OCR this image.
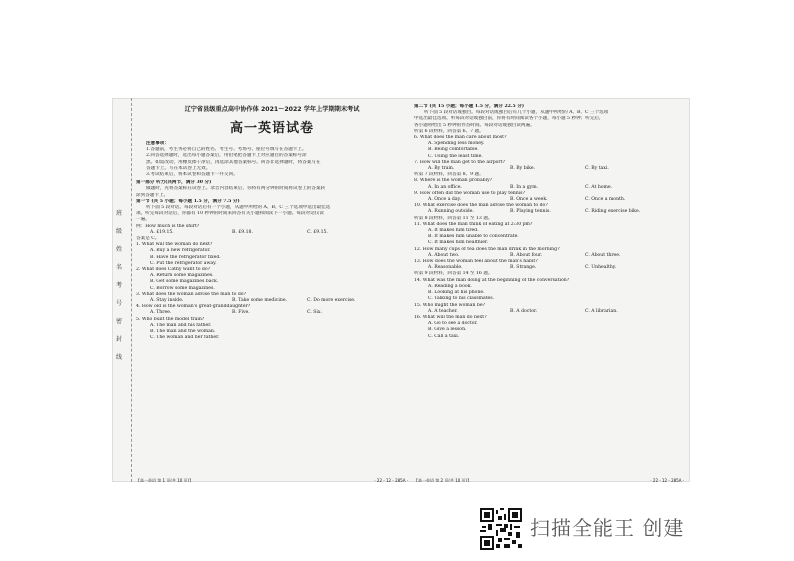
班
级
姓
名
考
号
密
封
线
辽宁省县级重点高中协作体 2021～2022 学年上学期期末考试
高一英语试卷
注意事项：
1.答题前，考生务必将自己的姓名、考生号、考场号、座位号填写在答题卡上。
2.回答选择题时，选出每小题答案后，用铅笔把答题卡上对应题目的答案标号涂
黑。如需改动，用橡皮擦干净后，再选涂其他答案标号。回答非选择题时，将答案写在
答题卡上。写在本试卷上无效。
3.考试结束后，将本试卷和答题卡一并交回。
第一部分 听力(共两节，满分 30 分)
做题时，先将答案标在试卷上。录音内容结束后，你将有两分钟的时间将试卷上的答案转
涂到答题卡上。
第一节 (共 5 小题；每小题 1.5 分，满分 7.5 分)
听下面 5 段对话。每段对话后有一个小题，从题中所给的 A、B、C 三个选项中选出最佳选
项。听完每段对话后，你都有 10 秒钟的时间来回答有关小题和阅读下一小题。每段对话仅读
一遍。
例：How much is the shirt?
A. £19.15.	B. £9.18.	C. £9.15.
答案是 C。
1. What will the woman do next?
A. Buy a new refrigerator.
B. Have the refrigerator fixed.
C. Put the refrigerator away.
2. What does Cathy want to do?
A. Return some magazines.
B. Get some magazines back.
C. Borrow some magazines.
3. What does the woman advise the man to do?
A. Stay inside.	B. Take some medicine.	C. Do more exercise.
4. How old is the woman's great-granddaughter?
A. Three.	B. Five.	C. Six.
5. Who built the model train?
A. The man and his father.
B. The man and the woman.
C. The woman and her father.
第二节 (共 15 小题；每小题 1.5 分，满分 22.5 分)
听下面 5 段对话或独白。每段对话或独白后有几个小题，从题中所给的 A、B、C 三个选项
中选出最佳选项。听每段对话或独白前，你将有时间阅读各个小题，每小题 5 秒钟；听完后，
各小题将给出 5 秒钟的作答时间。每段对话或独白读两遍。
听第 6 段材料，回答第 6、7 题。
6. What does the man care about most?
A. Spending less money.
B. Being comfortable.
C. Using the least time.
7. How will the man get to the airport?
A. By train.	B. By bike.	C. By taxi.
听第 7 段材料，回答第 8、9 题。
8. Where is the woman probably?
A. In an office.	B. In a gym.	C. At home.
9. How often did the woman use to play tennis?
A. Once a day.	B. Once a week.	C. Once a month.
10. What exercise does the man advise the woman to do?
A. Running outside.	B. Playing tennis.	C. Riding exercise bike.
听第 8 段材料，回答第 11 至 13 题。
11. What does the man think of eating at 2:30 pm?
A. It makes him tired.
B. It makes him unable to concentrate.
C. It makes him healthier.
12. How many cups of tea does the man drink in the morning?
A. About two.	B. About four.	C. About three.
13. How does the woman feel about the man's habit?
A. Reasonable.	B. Strange.	C. Unhealthy.
听第 9 段材料，回答第 14 至 16 题。
14. What was the man doing at the beginning of the conversation?
A. Reading a book.
B. Looking at his phone.
C. Talking to his classmates.
15. Who might the woman be?
A. A teacher.	B. A doctor.	C. A librarian.
16. What will the man do next?
A. Go to see a doctor.
B. Give a lesson.
C. Call a taxi.
【高一英语 第 1 页(共 10 页)】	· 22 - 12 - 285A · 【高一英语 第 2 页(共 10 页)】	· 22 - 12 - 285A ·
扫描全能王 创建
